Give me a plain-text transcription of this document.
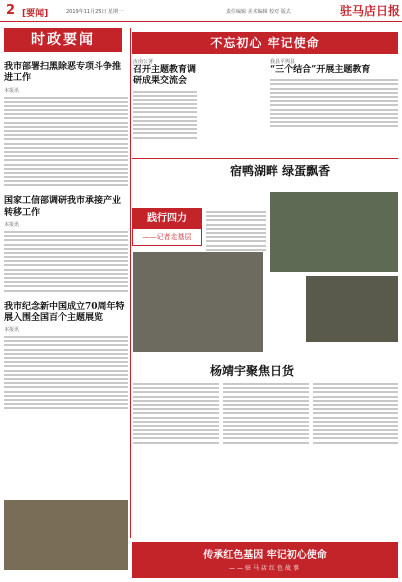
2 [要闻]	2019年11月25日 星期一	责任编辑 美术编辑 校对 版式	驻马店日报
时政要闻
我市部署扫黑除恶专项斗争推进工作
本报讯
国家工信部调研我市承接产业转移工作
本报讯
我市纪念新中国成立70周年特展入围全国百个主题展览
本报讯
不忘初心 牢记使命
汝南公署
召开主题教育调研成果交流会
我县平舆县
“三个结合”开展主题教育
宿鸭湖畔 绿蛋飘香
践行四力
——记者走基层
杨靖宇聚焦日货
传承红色基因 牢记初心使命
——驻马店红色故事
